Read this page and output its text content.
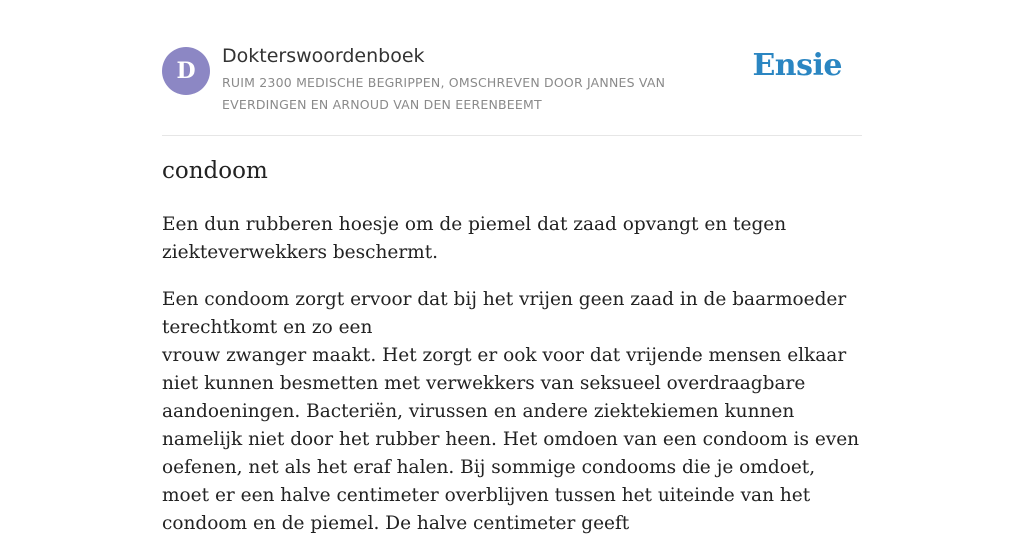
D
Dokterswoordenboek
RUIM 2300 MEDISCHE BEGRIPPEN, OMSCHREVEN DOOR JANNES VAN EVERDINGEN EN ARNOUD VAN DEN EERENBEEMT
Ensie
condoom

Een dun rubberen hoesje om de piemel dat zaad opvangt en tegen ziekteverwekkers beschermt.

Een condoom zorgt ervoor dat bij het vrijen geen zaad in de baarmoeder terechtkomt en zo een
vrouw zwanger maakt. Het zorgt er ook voor dat vrijende mensen elkaar niet kunnen besmetten met verwekkers van seksueel overdraagbare aandoeningen. Bacteriën, virussen en andere ziektekiemen kunnen namelijk niet door het rubber heen. Het omdoen van een condoom is even oefenen, net als het eraf halen. Bij sommige condooms die je omdoet, moet er een halve centimeter overblijven tussen het uiteinde van het condoom en de piemel. De halve centimeter geeft
